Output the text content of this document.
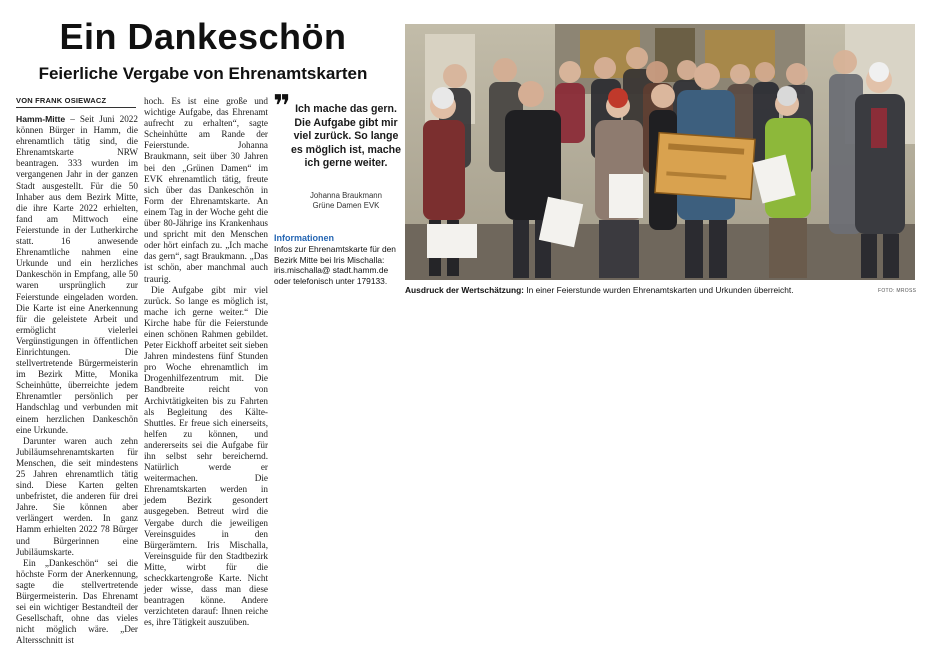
Ein Dankeschön
Feierliche Vergabe von Ehrenamtskarten
VON FRANK OSIEWACZ

Hamm-Mitte – Seit Juni 2022 können Bürger in Hamm, die ehrenamtlich tätig sind, die Ehrenamtskarte NRW beantragen. 333 wurden im vergangenen Jahr in der ganzen Stadt ausgestellt. Für die 50 Inhaber aus dem Bezirk Mitte, die ihre Karte 2022 erhielten, fand am Mittwoch eine Feierstunde in der Lutherkirche statt. 16 anwesende Ehrenamtliche nahmen eine Urkunde und ein herzliches Dankeschön in Empfang, alle 50 waren ursprünglich zur Feierstunde eingeladen worden. Die Karte ist eine Anerkennung für die geleistete Arbeit und ermöglicht vielerlei Vergünstigungen in öffentlichen Einrichtungen. Die stellvertretende Bürgermeisterin im Bezirk Mitte, Monika Scheinhütte, überreichte jedem Ehrenamtler persönlich per Handschlag und verbunden mit einem herzlichen Dankeschön eine Urkunde.

Darunter waren auch zehn Jubiläumsehrenamtskarten für Menschen, die seit mindestens 25 Jahren ehrenamtlich tätig sind. Diese Karten gelten unbefristet, die anderen für drei Jahre. Sie können aber verlängert werden. In ganz Hamm erhielten 2022 78 Bürger und Bürgerinnen eine Jubiläumskarte.

Ein „Dankeschön“ sei die höchste Form der Anerkennung, sagte die stellvertretende Bürgermeisterin. Das Ehrenamt sei ein wichtiger Bestandteil der Gesellschaft, ohne das vieles nicht möglich wäre. „Der Altersschnitt ist

hoch. Es ist eine große und wichtige Aufgabe, das Ehrenamt aufrecht zu erhalten“, sagte Scheinhütte am Rande der Feierstunde. Johanna Braukmann, seit über 30 Jahren bei den „Grünen Damen“ im EVK ehrenamtlich tätig, freute sich über das Dankeschön in Form der Ehrenamtskarte. An einem Tag in der Woche geht die über 80-Jährige ins Krankenhaus und spricht mit den Menschen oder hört einfach zu. „Ich mache das gern“, sagt Braukmann. „Das ist schön, aber manchmal auch traurig.

Die Aufgabe gibt mir viel zurück. So lange es möglich ist, mache ich gerne weiter.“ Die Kirche habe für die Feierstunde einen schönen Rahmen gebildet. Peter Eickhoff arbeitet seit sieben Jahren mindestens fünf Stunden pro Woche ehrenamtlich im Drogenhilfezentrum mit. Die Bandbreite reicht von Archivtätigkeiten bis zu Fahrten als Begleitung des Kälte-Shuttles. Er freue sich einerseits, helfen zu können, und andererseits sei die Aufgabe für ihn selbst sehr bereichernd. Natürlich werde er weitermachen. Die Ehrenamtskarten werden in jedem Bezirk gesondert ausgegeben. Betreut wird die Vergabe durch die jeweiligen Vereinsguides in den Bürgerämtern. Iris Mischalla, Vereinsguide für den Stadtbezirk Mitte, wirbt für die scheckkartengroße Karte. Nicht jeder wisse, dass man diese beantragen könne. Andere verzichteten darauf: Ihnen reiche es, ihre Tätigkeit auszuüben.

❞ Ich mache das gern. Die Aufgabe gibt mir viel zurück. So lange es möglich ist, mache ich gerne weiter.
Johanna Braukmann
Grüne Damen EVK
Informationen
Infos zur Ehrenamtskarte für den Bezirk Mitte bei Iris Mischalla: iris.mischalla@ stadt.hamm.de oder telefonisch unter 179133.
Ausdruck der Wertschätzung: In einer Feierstunde wurden Ehrenamtskarten und Urkunden überreicht.	FOTO: MROSS
